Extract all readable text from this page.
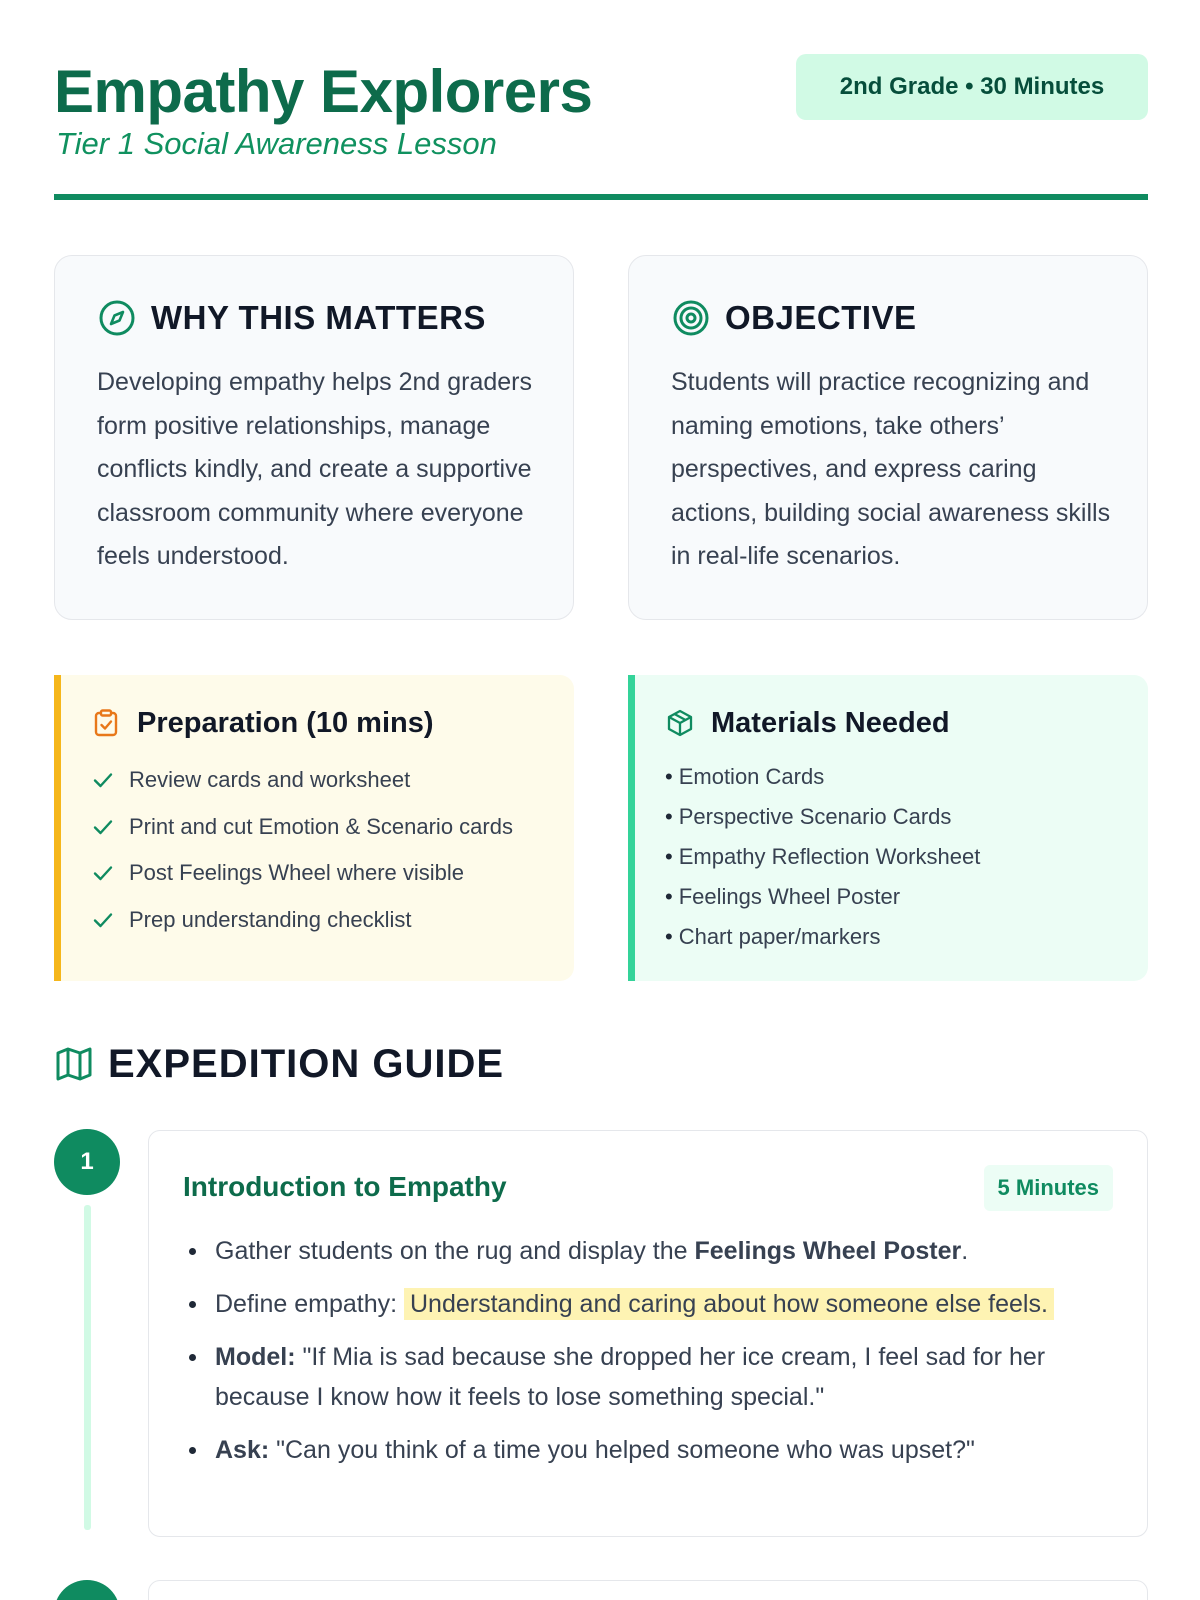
Empathy Explorers
Tier 1 Social Awareness Lesson
2nd Grade • 30 Minutes
WHY THIS MATTERS

Developing empathy helps 2nd graders form positive relationships, manage conflicts kindly, and create a supportive classroom community where everyone feels understood.

OBJECTIVE

Students will practice recognizing and naming emotions, take others’ perspectives, and express caring actions, building social awareness skills in real-life scenarios.

Preparation (10 mins)
Review cards and worksheet
Print and cut Emotion & Scenario cards
Post Feelings Wheel where visible
Prep understanding checklist
Materials Needed
• Emotion Cards
• Perspective Scenario Cards
• Empathy Reflection Worksheet
• Feelings Wheel Poster
• Chart paper/markers
EXPEDITION GUIDE
1
Introduction to Empathy	5 Minutes
Gather students on the rug and display the Feelings Wheel Poster.
Define empathy: Understanding and caring about how someone else feels.
Model: "If Mia is sad because she dropped her ice cream, I feel sad for her because I know how it feels to lose something special."
Ask: "Can you think of a time you helped someone who was upset?"
